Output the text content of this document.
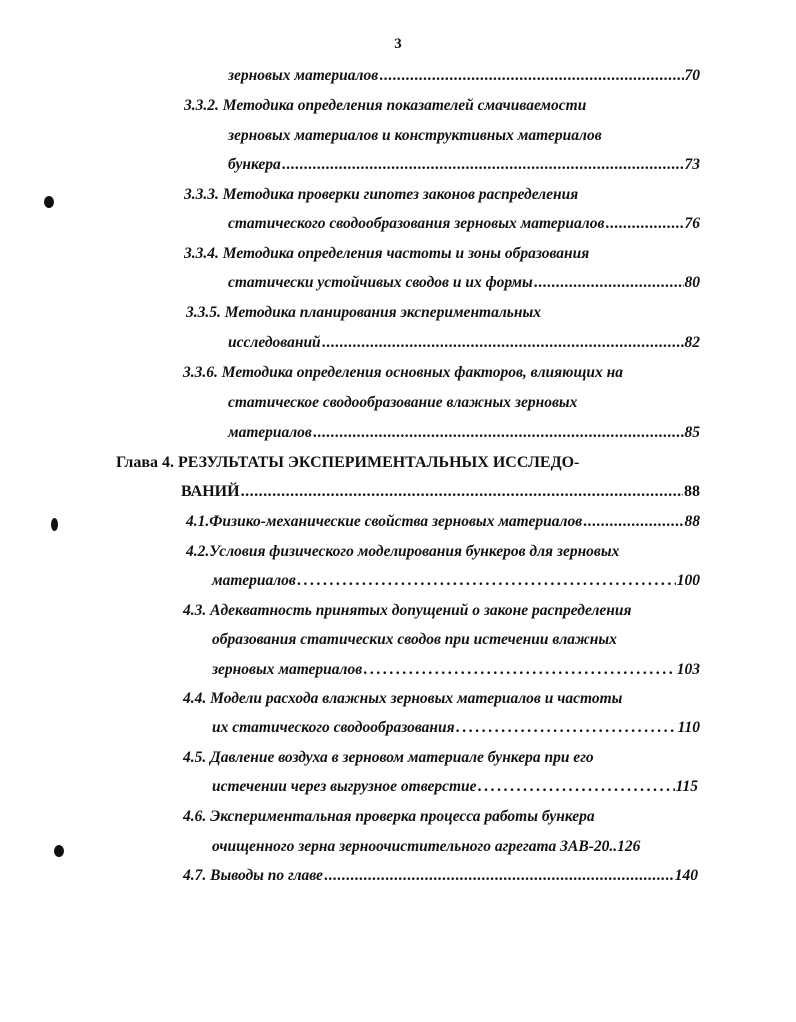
3
зерновых материалов .....	70
3.3.2. Методика определения показателей смачиваемости
зерновых материалов и конструктивных материалов
бункера .....	73
3.3.3. Методика проверки гипотез законов распределения
статического сводообразования зерновых материалов .....	76
3.3.4. Методика определения частоты и зоны образования
статически устойчивых сводов и их формы .....	80
3.3.5. Методика планирования экспериментальных
исследований .....	82
3.3.6. Методика определения основных факторов, влияющих на
статическое сводообразование влажных зерновых
материалов .....	85
Глава 4. РЕЗУЛЬТАТЫ ЭКСПЕРИМЕНТАЛЬНЫХ ИССЛЕДО-
ВАНИЙ .....	88
4.1.Физико-механические свойства зерновых материалов .....	88
4.2.Условия физического моделирования бункеров для зерновых
материалов .....	100
4.3. Адекватность принятых допущений о законе распределения
образования статических сводов при истечении влажных
зерновых материалов .....	103
4.4. Модели расхода влажных зерновых материалов и частоты
их статического сводообразования .....	110
4.5. Давление воздуха в зерновом материале бункера при его
истечении через выгрузное отверстие .....	115
4.6. Экспериментальная проверка процесса работы бункера
очищенного зерна зерноочистительного агрегата ЗАВ-20.. 126
4.7. Выводы по главе .....	140
